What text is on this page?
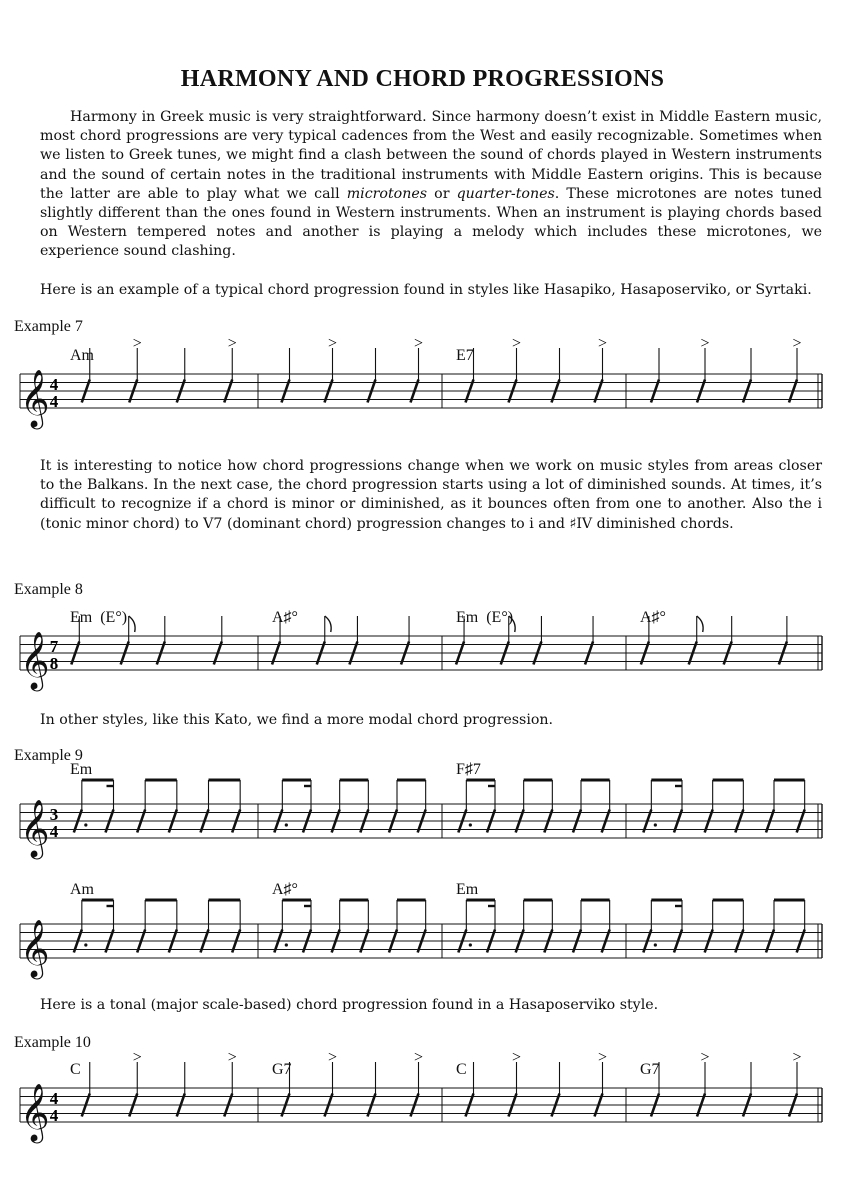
HARMONY AND CHORD PROGRESSIONS

Harmony in Greek music is very straightforward. Since harmony doesn’t exist in Middle Eastern music, most chord progressions are very typical cadences from the West and easily recognizable. Sometimes when we listen to Greek tunes, we might find a clash between the sound of chords played in Western instruments and the sound of certain notes in the traditional instruments with Middle Eastern origins. This is because the latter are able to play what we call microtones or quarter-tones. These microtones are notes tuned slightly different than the ones found in Western instruments. When an instrument is playing chords based on Western tempered notes and another is playing a melody which includes these microtones, we experience sound clashing.

Here is an example of a typical chord progression found in styles like Hasapiko, Hasaposerviko, or Syrtaki.

Example 7
𝄞 4
4
>	>	>	>	>	>	>	>
Am	E7

It is interesting to notice how chord progressions change when we work on music styles from areas closer to the Balkans. In the next case, the chord progression starts using a lot of diminished sounds. At times, it’s difficult to recognize if a chord is minor or diminished, as it bounces often from one to another. Also the i (tonic minor chord) to V7 (dominant chord) progression changes to i and ♯IV diminished chords.

Example 8
𝄞 7
8
Em  (E°)	A♯°	Em  (E°)	A♯°

In other styles, like this Kato, we find a more modal chord progression.

Example 9
𝄞 3
4
Em	F♯7
𝄞
Am	A♯°	Em

Here is a tonal (major scale-based) chord progression found in a Hasaposerviko style.

Example 10
𝄞 4
4
>	>	>	>	>	>	>	>
C	G7	C	G7
